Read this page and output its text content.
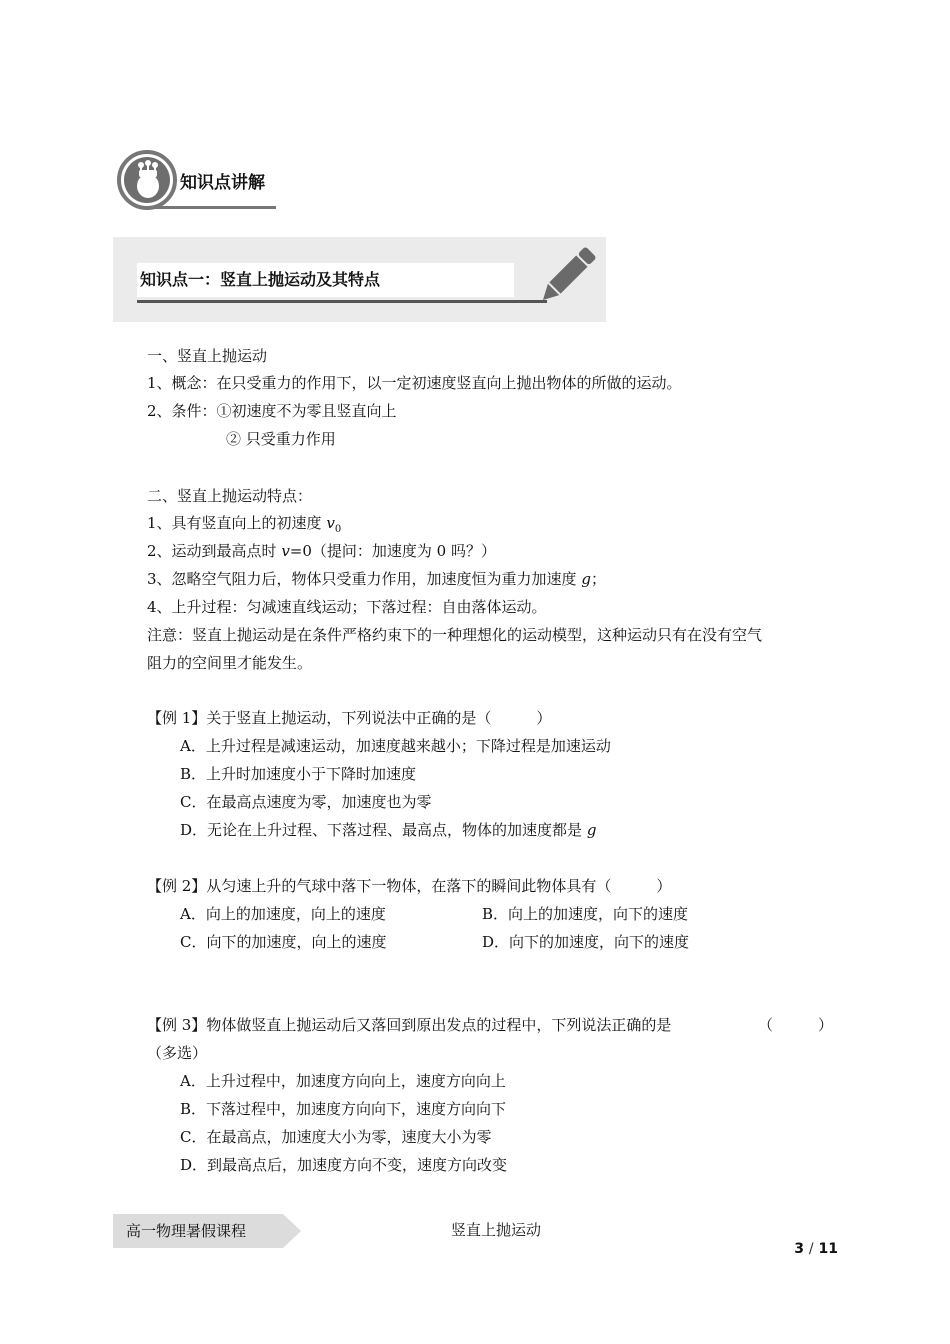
知识点讲解
知识点一：竖直上抛运动及其特点
一、竖直上抛运动
1、概念：在只受重力的作用下，以一定初速度竖直向上抛出物体的所做的运动。
2、条件：①初速度不为零且竖直向上
② 只受重力作用
二、竖直上抛运动特点：
1、具有竖直向上的初速度 $v_0$
2、运动到最高点时 v=0（提问：加速度为 0 吗？）
3、忽略空气阻力后，物体只受重力作用，加速度恒为重力加速度 g；
4、上升过程：匀减速直线运动；下落过程：自由落体运动。
注意：竖直上抛运动是在条件严格约束下的一种理想化的运动模型，这种运动只有在没有空气
阻力的空间里才能发生。
【例 1】关于竖直上抛运动，下列说法中正确的是（　　　）
A．上升过程是减速运动，加速度越来越小；下降过程是加速运动
B．上升时加速度小于下降时加速度
C．在最高点速度为零，加速度也为零
D．无论在上升过程、下落过程、最高点，物体的加速度都是 g
【例 2】从匀速上升的气球中落下一物体，在落下的瞬间此物体具有（　　　）
A．向上的加速度，向上的速度	B．向上的加速度，向下的速度
C．向下的加速度，向上的速度	D．向下的加速度，向下的速度
【例 3】物体做竖直上抛运动后又落回到原出发点的过程中，下列说法正确的是	（　　　）
（多选）
A．上升过程中，加速度方向向上，速度方向向上
B．下落过程中，加速度方向向下，速度方向向下
C．在最高点，加速度大小为零，速度大小为零
D．到最高点后，加速度方向不变，速度方向改变
高一物理暑假课程	竖直上抛运动
3 / 11
